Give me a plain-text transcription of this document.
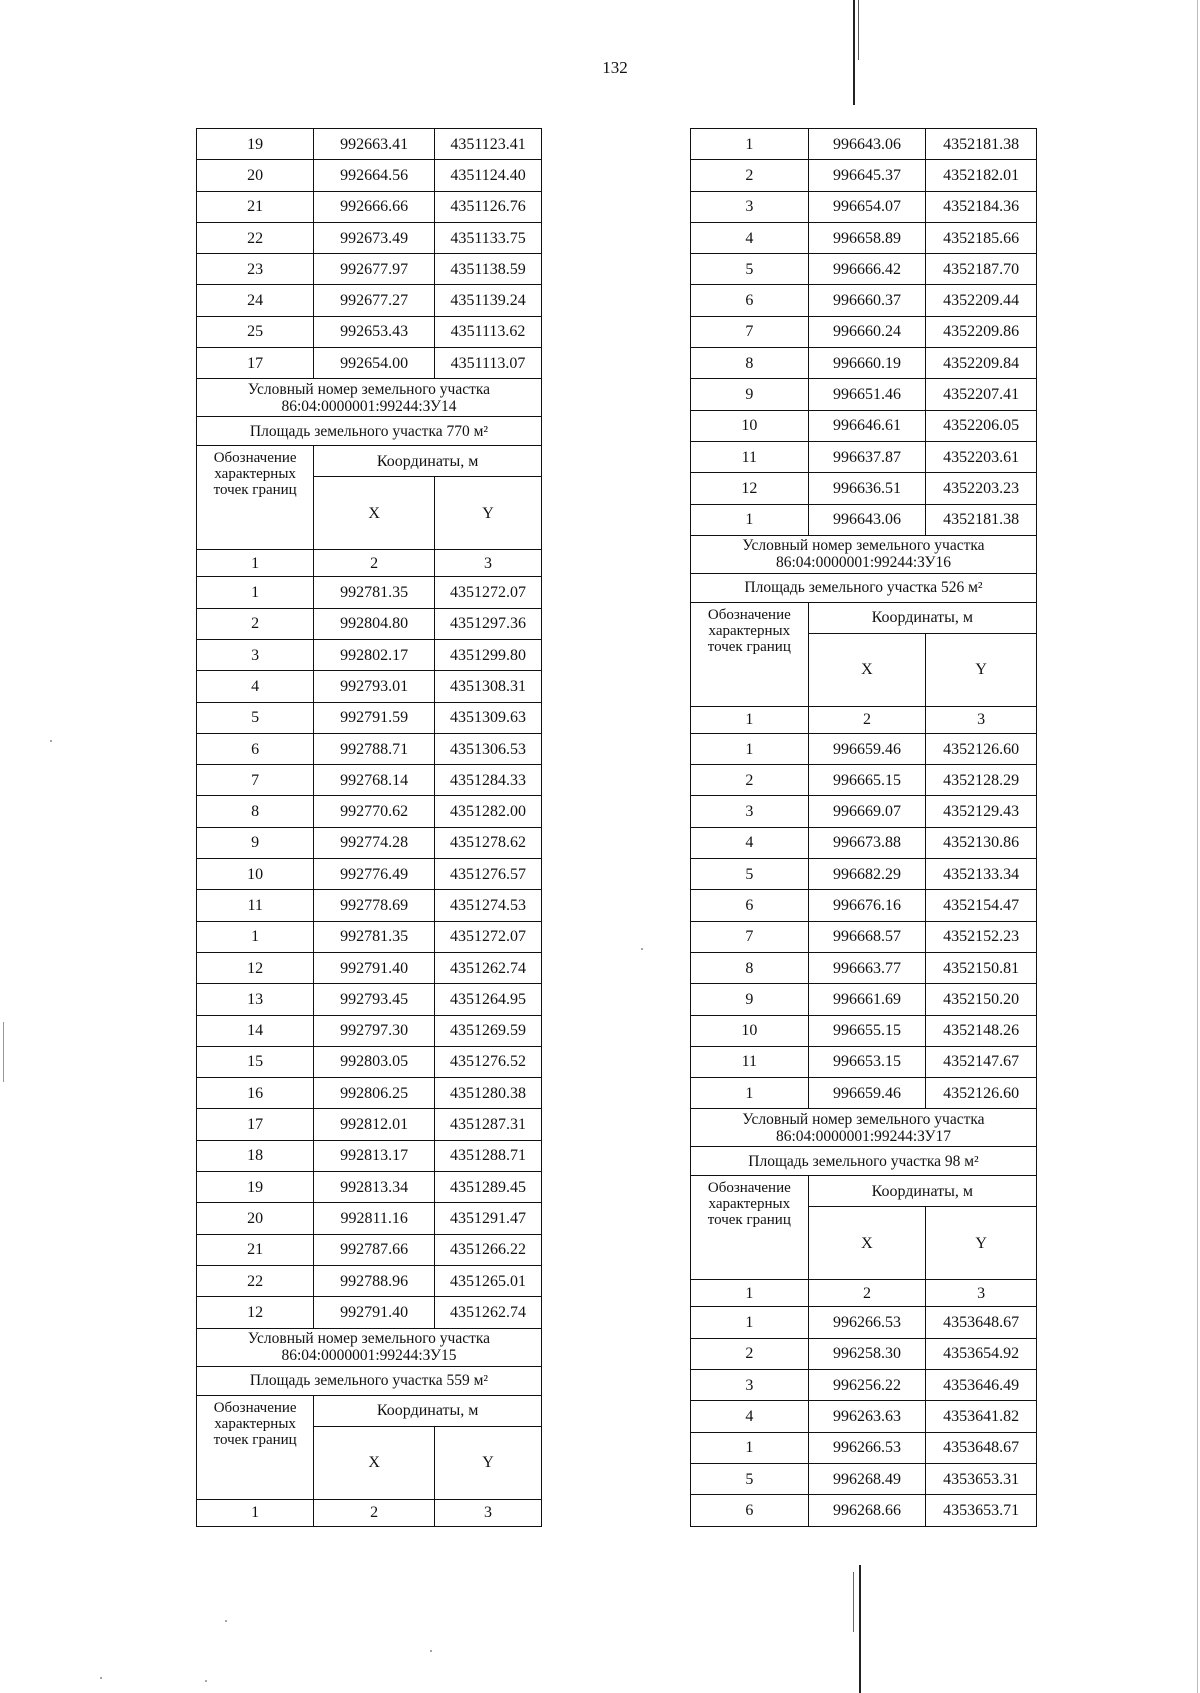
132
19	992663.41	4351123.41
20	992664.56	4351124.40
21	992666.66	4351126.76
22	992673.49	4351133.75
23	992677.97	4351138.59
24	992677.27	4351139.24
25	992653.43	4351113.62
17	992654.00	4351113.07
Условный номер земельного участка
86:04:0000001:99244:ЗУ14		
Площадь земельного участка 770 м²		
Обозначение характерных точек границ	Координаты, м	
	X	Y
1	2	3
1	992781.35	4351272.07
2	992804.80	4351297.36
3	992802.17	4351299.80
4	992793.01	4351308.31
5	992791.59	4351309.63
6	992788.71	4351306.53
7	992768.14	4351284.33
8	992770.62	4351282.00
9	992774.28	4351278.62
10	992776.49	4351276.57
11	992778.69	4351274.53
1	992781.35	4351272.07
12	992791.40	4351262.74
13	992793.45	4351264.95
14	992797.30	4351269.59
15	992803.05	4351276.52
16	992806.25	4351280.38
17	992812.01	4351287.31
18	992813.17	4351288.71
19	992813.34	4351289.45
20	992811.16	4351291.47
21	992787.66	4351266.22
22	992788.96	4351265.01
12	992791.40	4351262.74
Условный номер земельного участка
86:04:0000001:99244:ЗУ15		
Площадь земельного участка 559 м²		
Обозначение характерных точек границ	Координаты, м	
	X	Y
1	2	3
1	996643.06	4352181.38
2	996645.37	4352182.01
3	996654.07	4352184.36
4	996658.89	4352185.66
5	996666.42	4352187.70
6	996660.37	4352209.44
7	996660.24	4352209.86
8	996660.19	4352209.84
9	996651.46	4352207.41
10	996646.61	4352206.05
11	996637.87	4352203.61
12	996636.51	4352203.23
1	996643.06	4352181.38
Условный номер земельного участка
86:04:0000001:99244:ЗУ16		
Площадь земельного участка 526 м²		
Обозначение характерных точек границ	Координаты, м	
	X	Y
1	2	3
1	996659.46	4352126.60
2	996665.15	4352128.29
3	996669.07	4352129.43
4	996673.88	4352130.86
5	996682.29	4352133.34
6	996676.16	4352154.47
7	996668.57	4352152.23
8	996663.77	4352150.81
9	996661.69	4352150.20
10	996655.15	4352148.26
11	996653.15	4352147.67
1	996659.46	4352126.60
Условный номер земельного участка
86:04:0000001:99244:ЗУ17		
Площадь земельного участка 98 м²		
Обозначение характерных точек границ	Координаты, м	
	X	Y
1	2	3
1	996266.53	4353648.67
2	996258.30	4353654.92
3	996256.22	4353646.49
4	996263.63	4353641.82
1	996266.53	4353648.67
5	996268.49	4353653.31
6	996268.66	4353653.71
